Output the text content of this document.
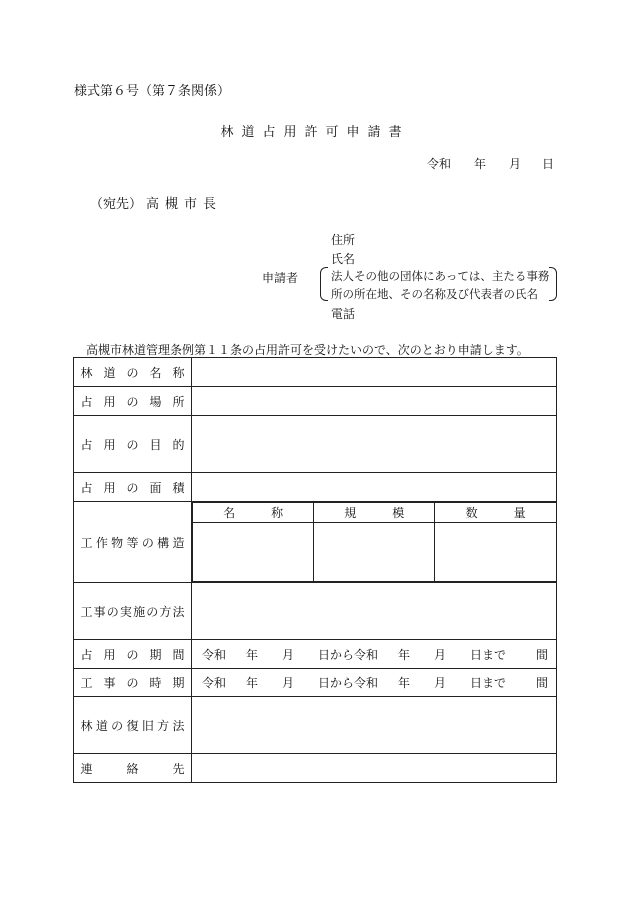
様式第６号（第７条関係）
林道占用許可申請書
令和 年 月 日
（宛先） 高槻市長
住所
氏名
申請者	法人その他の団体にあっては、主たる事務
所の所在地、その名称及び代表者の氏名
電話
高槻市林道管理条例第１１条の占用許可を受けたいので、次のとおり申請します。
林道の名称	
占用の場所	
占用の目的	
占用の面積	
工作物等の構造	
名称	規模	数量

工事の実施の方法	
占用の期間	令和	年	月	日から令和	年	月	日まで	間

工事の時期	令和	年	月	日から令和	年	月	日まで	間

林道の復旧方法	
連絡先	
